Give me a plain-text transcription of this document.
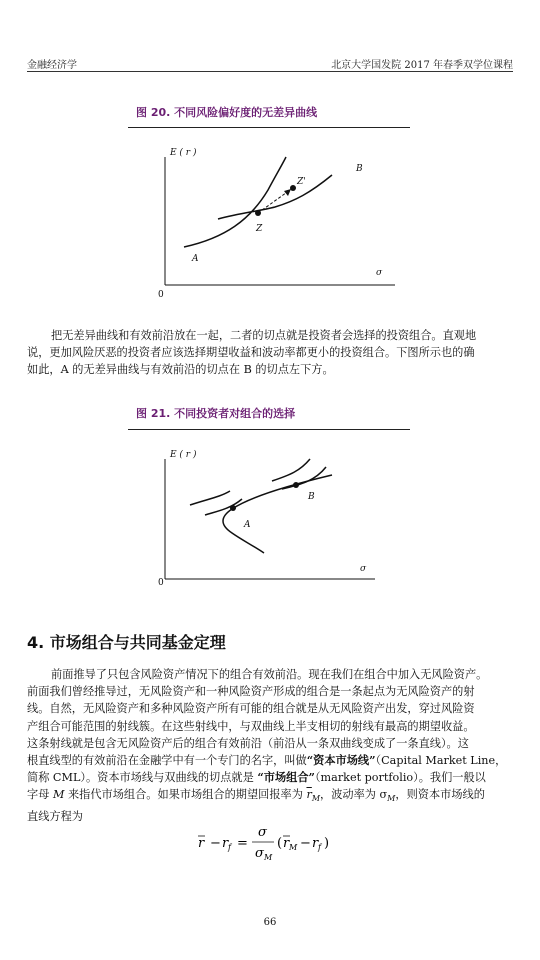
金融经济学	北京大学国发院 2017 年春季双学位课程
图 20. 不同风险偏好度的无差异曲线
E ( r )
σ
0
B
A
Z
Z'
把无差异曲线和有效前沿放在一起，二者的切点就是投资者会选择的投资组合。直观地
说，更加风险厌恶的投资者应该选择期望收益和波动率都更小的投资组合。下图所示也的确
如此，A 的无差异曲线与有效前沿的切点在 B 的切点左下方。
图 21. 不同投资者对组合的选择
E ( r )
σ
0
B
A
4. 市场组合与共同基金定理
前面推导了只包含风险资产情况下的组合有效前沿。现在我们在组合中加入无风险资产。
前面我们曾经推导过，无风险资产和一种风险资产形成的组合是一条起点为无风险资产的射
线。自然，无风险资产和多种风险资产所有可能的组合就是从无风险资产出发，穿过风险资
产组合可能范围的射线簇。在这些射线中，与双曲线上半支相切的射线有最高的期望收益。
这条射线就是包含无风险资产后的组合有效前沿（前沿从一条双曲线变成了一条直线）。这
根直线型的有效前沿在金融学中有一个专门的名字，叫做“资本市场线”（Capital Market Line，
简称 CML）。资本市场线与双曲线的切点就是 “市场组合”（market portfolio）。我们一般以
字母 M 来指代市场组合。如果市场组合的期望回报率为 $\overline{r}_M$，波动率为 $\sigma_M$，则资本市场线的
直线方程为
r − r f =
σ
σ M
( r M − r f )
66
